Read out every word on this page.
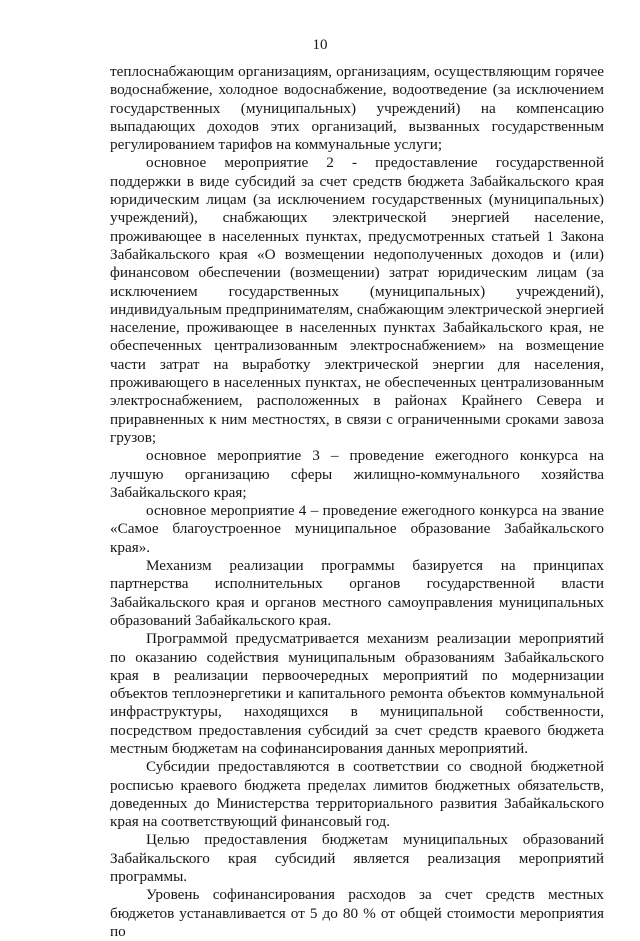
10

теплоснабжающим организациям, организациям, осуществляющим горячее водоснабжение, холодное водоснабжение, водоотведение (за исключением государственных (муниципальных) учреждений) на компенсацию выпадающих доходов этих организаций, вызванных государственным регулированием тарифов на коммунальные услуги;

основное мероприятие 2 - предоставление государственной поддержки в виде субсидий за счет средств бюджета Забайкальского края юридическим лицам (за исключением государственных (муниципальных) учреждений), снабжающих электрической энергией население, проживающее в населенных пунктах, предусмотренных статьей 1 Закона Забайкальского края «О возмещении недополученных доходов и (или) финансовом обеспечении (возмещении) затрат юридическим лицам (за исключением государственных (муниципальных) учреждений), индивидуальным предпринимателям, снабжающим электрической энергией население, проживающее в населенных пунктах Забайкальского края, не обеспеченных централизованным электроснабжением» на возмещение части затрат на выработку электрической энергии для населения, проживающего в населенных пунктах, не обеспеченных централизованным электроснабжением, расположенных в районах Крайнего Севера и приравненных к ним местностях, в связи с ограниченными сроками завоза грузов;

основное мероприятие 3 – проведение ежегодного конкурса на лучшую организацию сферы жилищно-коммунального хозяйства Забайкальского края;

основное мероприятие 4 – проведение ежегодного конкурса на звание «Самое благоустроенное муниципальное образование Забайкальского края».

Механизм реализации программы базируется на принципах партнерства исполнительных органов государственной власти Забайкальского края и органов местного самоуправления муниципальных образований Забайкальского края.

Программой предусматривается механизм реализации мероприятий по оказанию содействия муниципальным образованиям Забайкальского края в реализации первоочередных мероприятий по модернизации объектов теплоэнергетики и капитального ремонта объектов коммунальной инфраструктуры, находящихся в муниципальной собственности, посредством предоставления субсидий за счет средств краевого бюджета местным бюджетам на софинансирования данных мероприятий.

Субсидии предоставляются в соответствии со сводной бюджетной росписью краевого бюджета пределах лимитов бюджетных обязательств, доведенных до Министерства территориального развития Забайкальского края на соответствующий финансовый год.

Целью предоставления бюджетам муниципальных образований Забайкальского края субсидий является реализация мероприятий программы.

Уровень софинансирования расходов за счет средств местных бюджетов устанавливается от 5 до 80 % от общей стоимости мероприятия по
